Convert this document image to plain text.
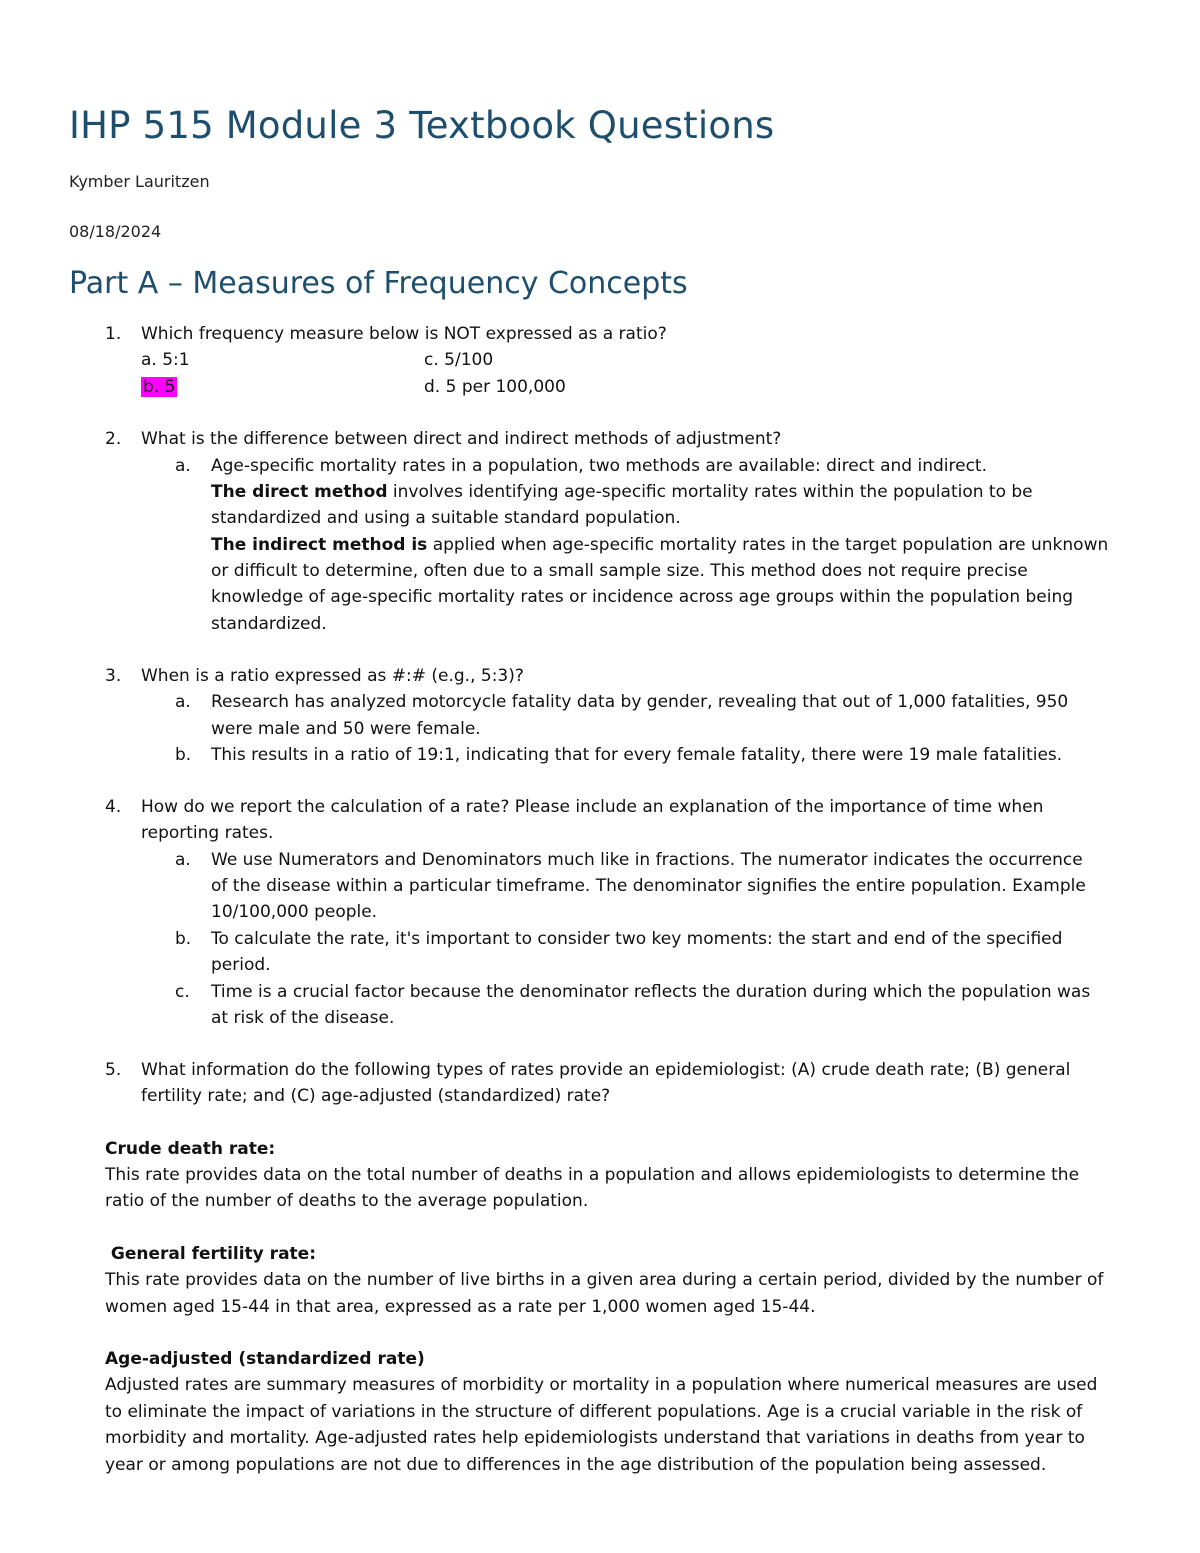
IHP 515 Module 3 Textbook Questions
Kymber Lauritzen
08/18/2024
Part A – Measures of Frequency Concepts
1. Which frequency measure below is NOT expressed as a ratio?
a. 5:1	c. 5/100
b. 5	d. 5 per 100,000
2. What is the difference between direct and indirect methods of adjustment?
a. Age-specific mortality rates in a population, two methods are available: direct and indirect.
The direct method involves identifying age-specific mortality rates within the population to be
standardized and using a suitable standard population.
The indirect method is applied when age-specific mortality rates in the target population are unknown
or difficult to determine, often due to a small sample size. This method does not require precise
knowledge of age-specific mortality rates or incidence across age groups within the population being
standardized.
3. When is a ratio expressed as #:# (e.g., 5:3)?
a. Research has analyzed motorcycle fatality data by gender, revealing that out of 1,000 fatalities, 950
were male and 50 were female.
b. This results in a ratio of 19:1, indicating that for every female fatality, there were 19 male fatalities.
4. How do we report the calculation of a rate? Please include an explanation of the importance of time when
reporting rates.
a. We use Numerators and Denominators much like in fractions. The numerator indicates the occurrence
of the disease within a particular timeframe. The denominator signifies the entire population. Example
10/100,000 people.
b. To calculate the rate, it's important to consider two key moments: the start and end of the specified
period.
c. Time is a crucial factor because the denominator reflects the duration during which the population was
at risk of the disease.
5. What information do the following types of rates provide an epidemiologist: (A) crude death rate; (B) general
fertility rate; and (C) age-adjusted (standardized) rate?
Crude death rate:
This rate provides data on the total number of deaths in a population and allows epidemiologists to determine the
ratio of the number of deaths to the average population.
General fertility rate:
This rate provides data on the number of live births in a given area during a certain period, divided by the number of
women aged 15-44 in that area, expressed as a rate per 1,000 women aged 15-44.
Age-adjusted (standardized rate)
Adjusted rates are summary measures of morbidity or mortality in a population where numerical measures are used
to eliminate the impact of variations in the structure of different populations. Age is a crucial variable in the risk of
morbidity and mortality. Age-adjusted rates help epidemiologists understand that variations in deaths from year to
year or among populations are not due to differences in the age distribution of the population being assessed.
